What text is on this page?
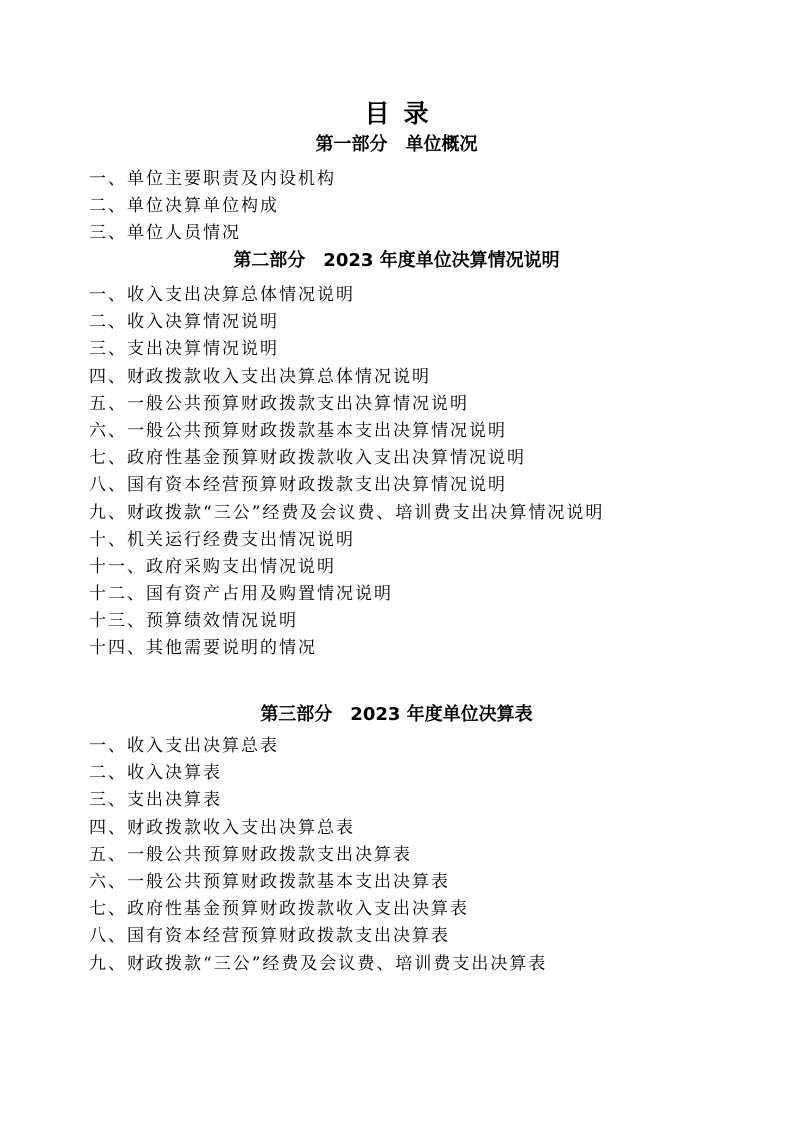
目录
第一部分　单位概况
一、单位主要职责及内设机构
二、单位决算单位构成
三、单位人员情况
第二部分　2023 年度单位决算情况说明
一、收入支出决算总体情况说明
二、收入决算情况说明
三、支出决算情况说明
四、财政拨款收入支出决算总体情况说明
五、一般公共预算财政拨款支出决算情况说明
六、一般公共预算财政拨款基本支出决算情况说明
七、政府性基金预算财政拨款收入支出决算情况说明
八、国有资本经营预算财政拨款支出决算情况说明
九、财政拨款“三公”经费及会议费、培训费支出决算情况说明
十、机关运行经费支出情况说明
十一、政府采购支出情况说明
十二、国有资产占用及购置情况说明
十三、预算绩效情况说明
十四、其他需要说明的情况
第三部分　2023 年度单位决算表
一、收入支出决算总表
二、收入决算表
三、支出决算表
四、财政拨款收入支出决算总表
五、一般公共预算财政拨款支出决算表
六、一般公共预算财政拨款基本支出决算表
七、政府性基金预算财政拨款收入支出决算表
八、国有资本经营预算财政拨款支出决算表
九、财政拨款“三公”经费及会议费、培训费支出决算表
